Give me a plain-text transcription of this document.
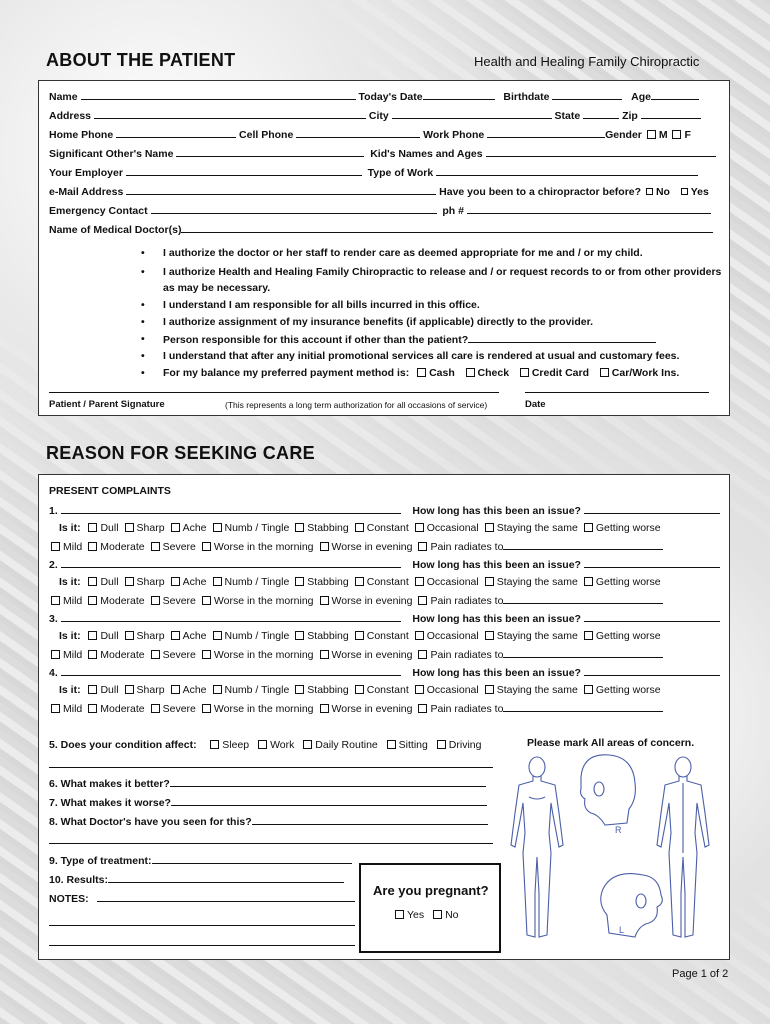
ABOUT THE PATIENT	Health and Healing Family Chiropractic
Name	Today's Date	Birthdate	Age
Address	City	State	Zip
Home Phone	Cell Phone	Work Phone	Gender M F
Significant Other's Name	Kid's Names and Ages
Your Employer	Type of Work
e-Mail Address	Have you been to a chiropractor before? No Yes
Emergency Contact	ph #
Name of Medical Doctor(s)
• I authorize the doctor or her staff to render care as deemed appropriate for me and / or my child.
• I authorize Health and Healing Family Chiropractic to release and / or request records to or from other providers
as may be necessary.
• I understand I am responsible for all bills incurred in this office.
• I authorize assignment of my insurance benefits (if applicable) directly to the provider.
• Person responsible for this account if other than the patient?
• I understand that after any initial promotional services all care is rendered at usual and customary fees.
• For my balance my preferred payment method is: Cash Check Credit Card Car/Work Ins.
Patient / Parent Signature	(This represents a long term authorization for all occasions of service)	Date
REASON FOR SEEKING CARE
PRESENT COMPLAINTS
1.	How long has this been an issue?
Is it: Dull Sharp Ache Numb / Tingle Stabbing Constant Occasional Staying the same Getting worse
Mild Moderate Severe Worse in the morning Worse in evening Pain radiates to
2.	How long has this been an issue?
Is it: Dull Sharp Ache Numb / Tingle Stabbing Constant Occasional Staying the same Getting worse
Mild Moderate Severe Worse in the morning Worse in evening Pain radiates to
3.	How long has this been an issue?
Is it: Dull Sharp Ache Numb / Tingle Stabbing Constant Occasional Staying the same Getting worse
Mild Moderate Severe Worse in the morning Worse in evening Pain radiates to
4.	How long has this been an issue?
Is it: Dull Sharp Ache Numb / Tingle Stabbing Constant Occasional Staying the same Getting worse
Mild Moderate Severe Worse in the morning Worse in evening Pain radiates to
5. Does your condition affect: Sleep Work Daily Routine Sitting Driving
6. What makes it better?
7. What makes it worse?
8. What Doctor's have you seen for this?
9. Type of treatment:
10. Results:
NOTES:
Are you pregnant?
Yes No
Please mark All areas of concern.
R
L
Page 1 of 2
